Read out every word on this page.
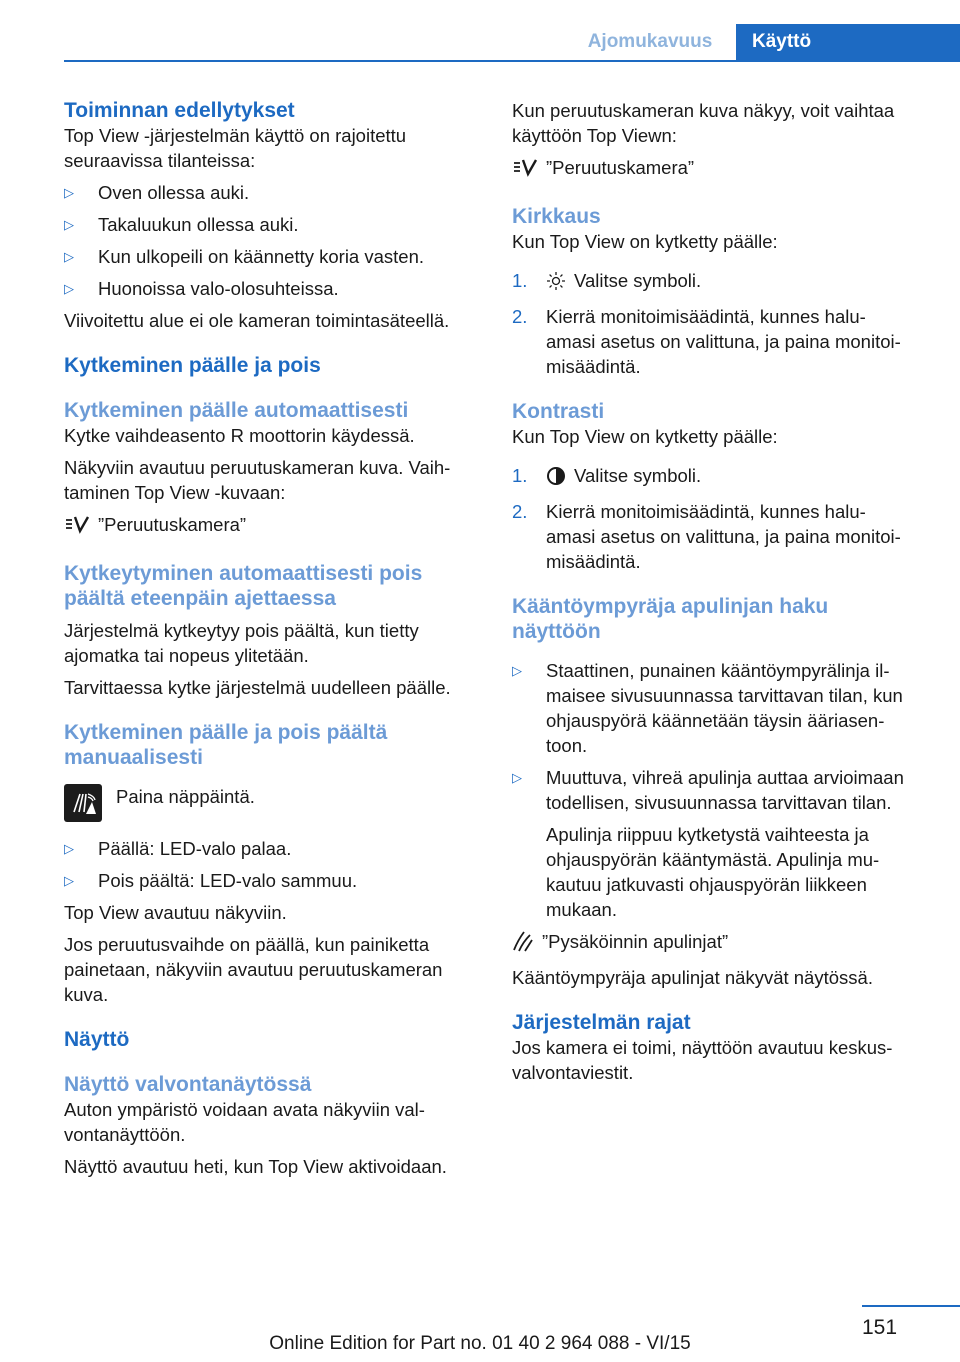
Ajomukavuus	Käyttö

Toiminnan edellytykset

Top View -järjestelmän käyttö on rajoitettu seuraavissa tilanteissa:

▷	Oven ollessa auki.
▷	Takaluukun ollessa auki.
▷	Kun ulkopeili on käännetty koria vasten.
▷	Huonoissa valo-olosuhteissa.

Viivoitettu alue ei ole kameran toimintasäteellä.

Kytkeminen päälle ja pois

Kytkeminen päälle automaattisesti

Kytke vaihdeasento R moottorin käydessä.

Näkyviin avautuu peruutuskameran kuva. Vaih-
taminen Top View -kuvaan:

”Peruutuskamera”

Kytkeytyminen automaattisesti pois
päältä eteenpäin ajettaessa

Järjestelmä kytkeytyy pois päältä, kun tietty ajomatka tai nopeus ylitetään.

Tarvittaessa kytke järjestelmä uudelleen päälle.

Kytkeminen päälle ja pois päältä
manuaalisesti

Paina näppäintä.

▷	Päällä: LED-valo palaa.
▷	Pois päältä: LED-valo sammuu.

Top View avautuu näkyviin.

Jos peruutusvaihde on päällä, kun painiketta painetaan, näkyviin avautuu peruutuskameran kuva.

Näyttö

Näyttö valvontanäytössä

Auton ympäristö voidaan avata näkyviin val-
vontanäyttöön.

Näyttö avautuu heti, kun Top View aktivoidaan.

Kun peruutuskameran kuva näkyy, voit vaihtaa käyttöön Top Viewn:

”Peruutuskamera”

Kirkkaus

Kun Top View on kytketty päälle:

1.	Valitse symboli.
2.	Kierrä monitoimisäädintä, kunnes halu-
amasi asetus on valittuna, ja paina monitoi-
misäädintä.

Kontrasti

Kun Top View on kytketty päälle:

1.	Valitse symboli.
2.	Kierrä monitoimisäädintä, kunnes halu-
amasi asetus on valittuna, ja paina monitoi-
misäädintä.

Kääntöympyräja apulinjan haku
näyttöön

▷	Staattinen, punainen kääntöympyrälinja il-
maisee sivusuunnassa tarvittavan tilan, kun
ohjauspyörä käännetään täysin ääriasen-
toon.
▷	Muuttuva, vihreä apulinja auttaa arvioimaan
todellisen, sivusuunnassa tarvittavan tilan.
Apulinja riippuu kytketystä vaihteesta ja
ohjauspyörän kääntymästä. Apulinja mu-
kautuu jatkuvasti ohjauspyörän liikkeen
mukaan.

”Pysäköinnin apulinjat”

Kääntöympyräja apulinjat näkyvät näytössä.

Järjestelmän rajat

Jos kamera ei toimi, näyttöön avautuu keskus-
valvontaviestit.

151
Online Edition for Part no. 01 40 2 964 088 - VI/15
